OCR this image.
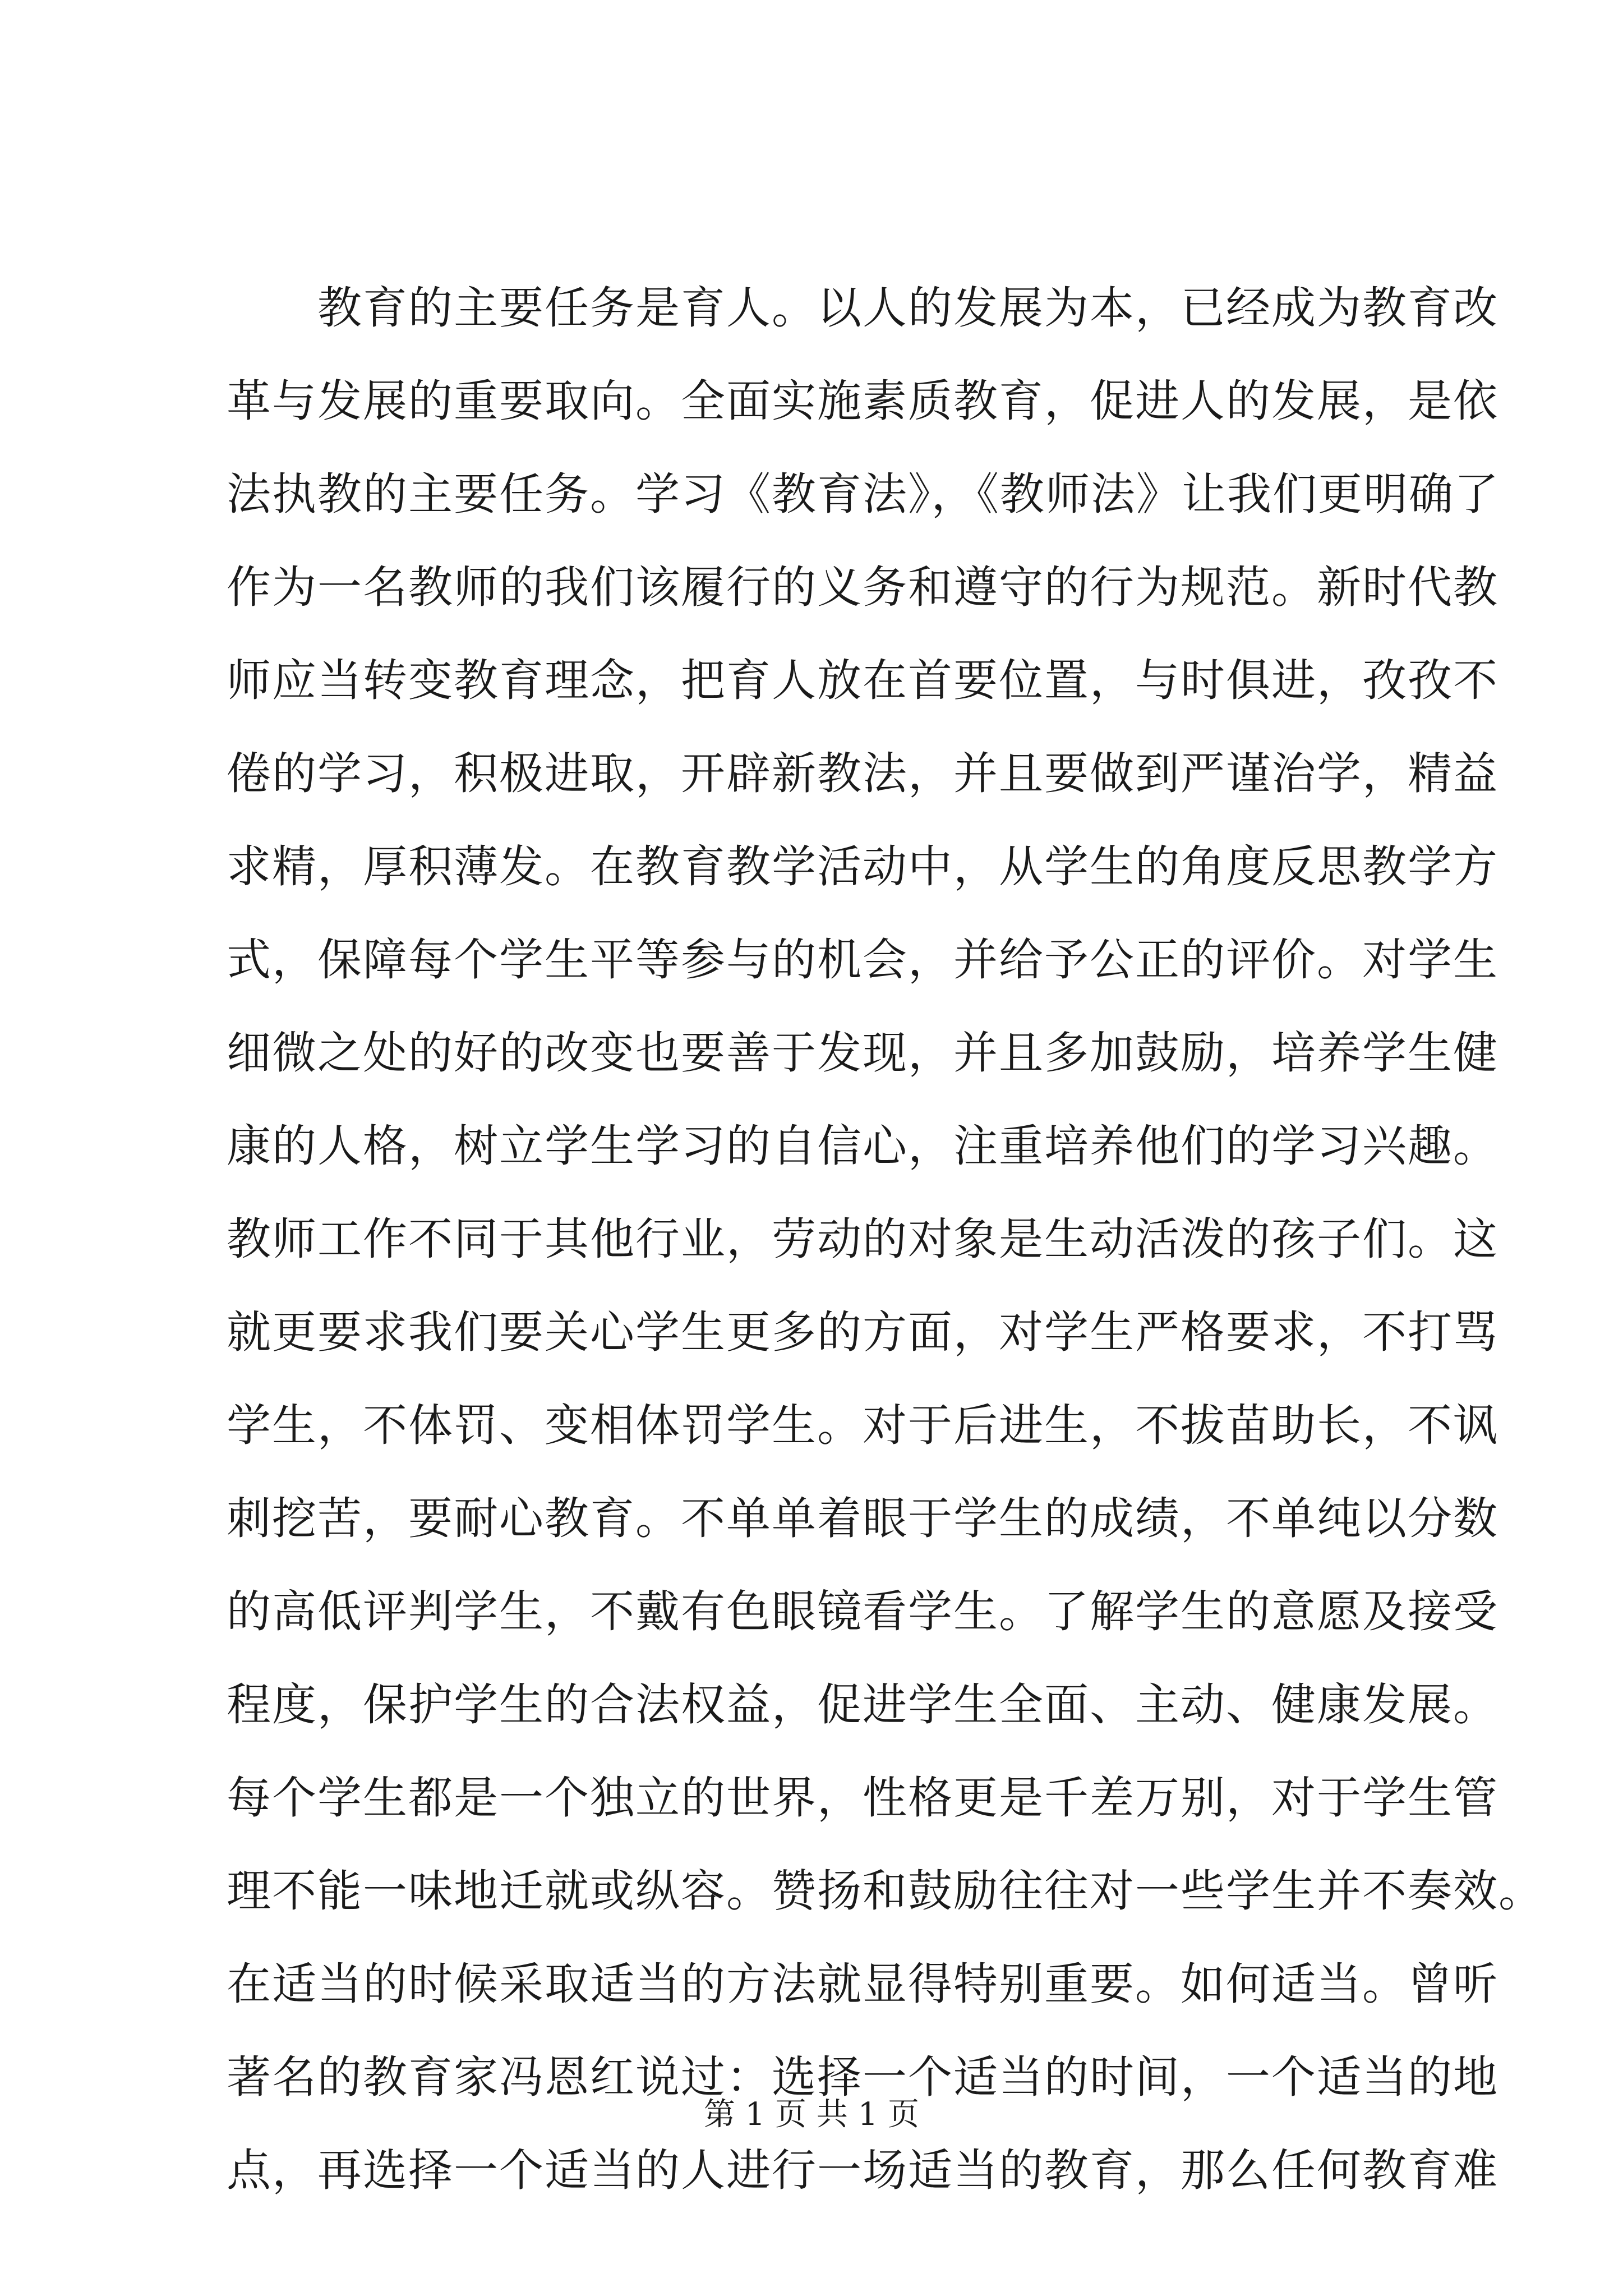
　　教育的主要任务是育人。以人的发展为本，已经成为教育改
革与发展的重要取向。全面实施素质教育，促进人的发展，是依
法执教的主要任务。学习《教育法》，《教师法》让我们更明确了
作为一名教师的我们该履行的义务和遵守的行为规范。新时代教
师应当转变教育理念，把育人放在首要位置，与时俱进，孜孜不
倦的学习，积极进取，开辟新教法，并且要做到严谨治学，精益
求精，厚积薄发。在教育教学活动中，从学生的角度反思教学方
式，保障每个学生平等参与的机会，并给予公正的评价。对学生
细微之处的好的改变也要善于发现，并且多加鼓励，培养学生健
康的人格，树立学生学习的自信心，注重培养他们的学习兴趣。
教师工作不同于其他行业，劳动的对象是生动活泼的孩子们。这
就更要求我们要关心学生更多的方面，对学生严格要求，不打骂
学生，不体罚、变相体罚学生。对于后进生，不拔苗助长，不讽
刺挖苦，要耐心教育。不单单着眼于学生的成绩，不单纯以分数
的高低评判学生，不戴有色眼镜看学生。了解学生的意愿及接受
程度，保护学生的合法权益，促进学生全面、主动、健康发展。
每个学生都是一个独立的世界，性格更是千差万别，对于学生管
理不能一味地迁就或纵容。赞扬和鼓励往往对一些学生并不奏效。
在适当的时候采取适当的方法就显得特别重要。如何适当。曾听
著名的教育家冯恩红说过：选择一个适当的时间，一个适当的地
点，再选择一个适当的人进行一场适当的教育，那么任何教育难
第 1 页 共 1 页
